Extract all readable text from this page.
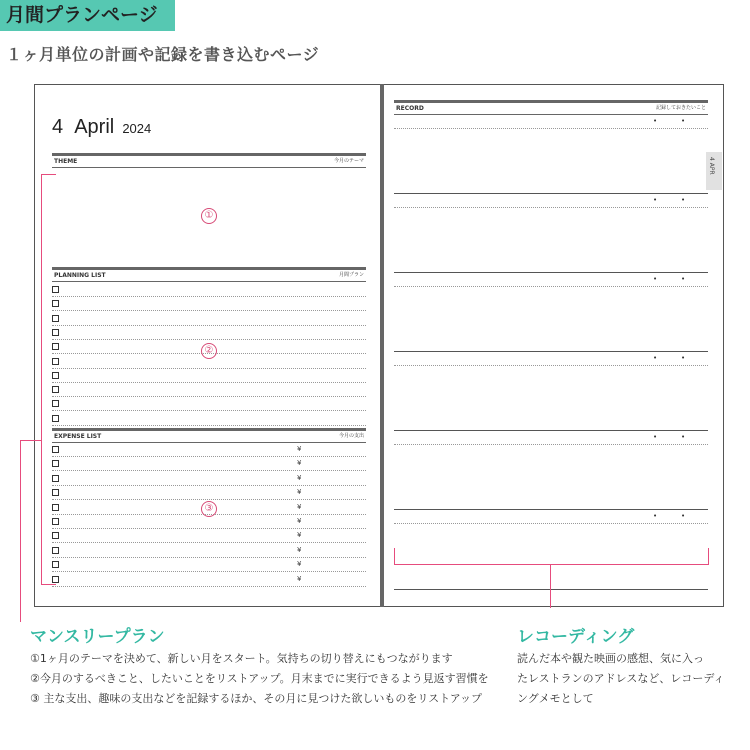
月間プランページ
１ヶ月単位の計画や記録を書き込むページ
4 April 2024
THEME	今月のテーマ
①
PLANNING LIST	月間プラン
②
EXPENSE LIST	今月の支出
¥
¥
¥
¥
¥
¥
¥
¥
¥
¥
③
RECORD	記録しておきたいこと
•	•
•	•
•	•
•	•
•	•
•	•
4 APR
マンスリープラン
①1ヶ月のテーマを決めて、新しい月をスタート。気持ちの切り替えにもつながります
②今月のするべきこと、したいことをリストアップ。月末までに実行できるよう見返す習慣を
③ 主な支出、趣味の支出などを記録するほか、その月に見つけた欲しいものをリストアップ
レコーディング
読んだ本や観た映画の感想、気に入っ
たレストランのアドレスなど、レコーディ
ングメモとして
